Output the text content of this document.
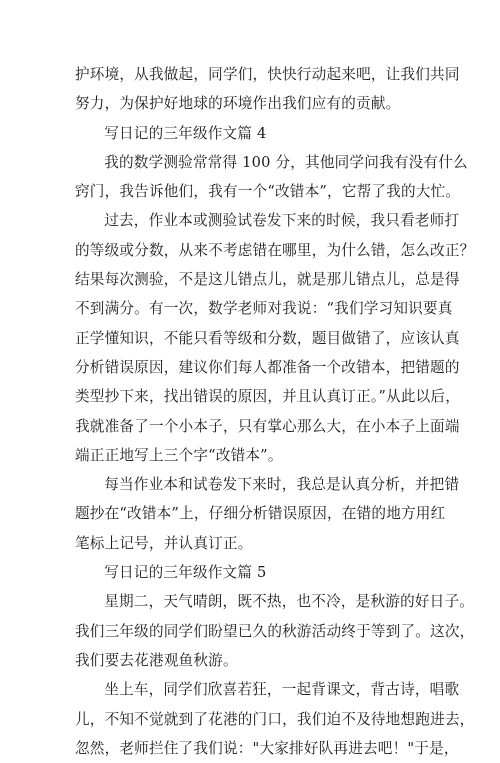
护环境，从我做起，同学们，快快行动起来吧，让我们共同
努力，为保护好地球的环境作出我们应有的贡献。

写日记的三年级作文篇 4

我的数学测验常常得 100 分，其他同学问我有没有什么
窍门，我告诉他们，我有一个“改错本”，它帮了我的大忙。

过去，作业本或测验试卷发下来的时候，我只看老师打
的等级或分数，从来不考虑错在哪里，为什么错，怎么改正？
结果每次测验，不是这儿错点儿，就是那儿错点儿，总是得
不到满分。有一次，数学老师对我说：“我们学习知识要真
正学懂知识，不能只看等级和分数，题目做错了，应该认真
分析错误原因，建议你们每人都准备一个改错本，把错题的
类型抄下来，找出错误的原因，并且认真订正。”从此以后，
我就准备了一个小本子，只有掌心那么大，在小本子上面端
端正正地写上三个字“改错本”。

每当作业本和试卷发下来时，我总是认真分析，并把错
题抄在“改错本”上，仔细分析错误原因，在错的地方用红
笔标上记号，并认真订正。

写日记的三年级作文篇 5

星期二，天气晴朗，既不热，也不冷，是秋游的好日子。
我们三年级的同学们盼望已久的秋游活动终于等到了。这次，
我们要去花港观鱼秋游。

坐上车，同学们欣喜若狂，一起背课文，背古诗，唱歌
儿，不知不觉就到了花港的门口，我们迫不及待地想跑进去，
忽然，老师拦住了我们说："大家排好队再进去吧！"于是，
